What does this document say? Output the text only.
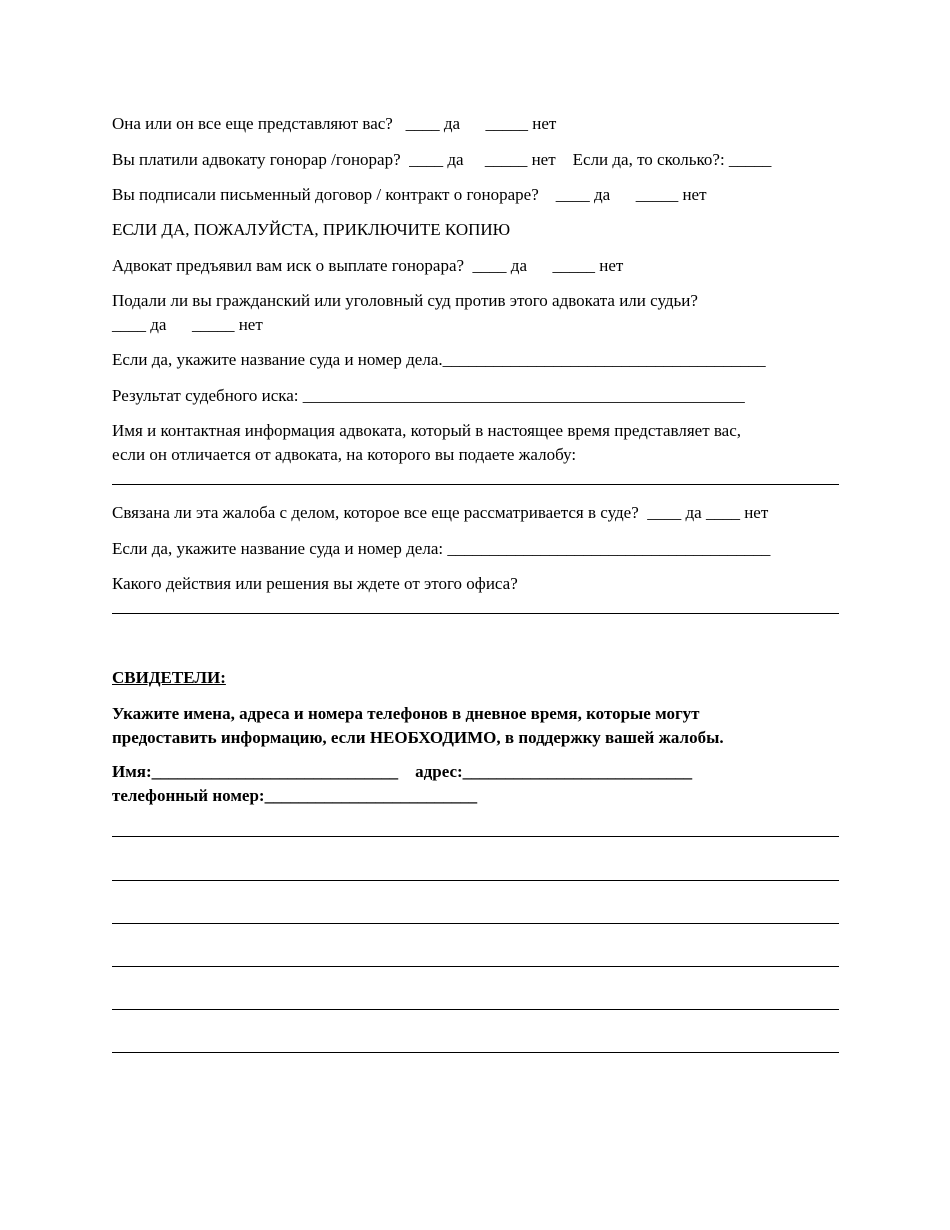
Она или он все еще представляют вас?   ____ да      _____ нет
Вы платили адвокату гонорар /гонорар?  ____ да     _____ нет    Если да, то сколько?: _____
Вы подписали письменный договор / контракт о гонораре?    ____ да      _____ нет
ЕСЛИ ДА, ПОЖАЛУЙСТА, ПРИКЛЮЧИТЕ КОПИЮ
Адвокат предъявил вам иск о выплате гонорара?  ____ да      _____ нет
Подали ли вы гражданский или уголовный суд против этого адвоката или судьи?
____ да      _____ нет
Если да, укажите название суда и номер дела.______________________________________
Результат судебного иска: ____________________________________________________
Имя и контактная информация адвоката, который в настоящее время представляет вас,
если он отличается от адвоката, на которого вы подаете жалобу:
Связана ли эта жалоба с делом, которое все еще рассматривается в суде?  ____ да ____ нет
Если да, укажите название суда и номер дела: ______________________________________
Какого действия или решения вы ждете от этого офиса?
СВИДЕТЕЛИ:
Укажите имена, адреса и номера телефонов в дневное время, которые могут
предоставить информацию, если НЕОБХОДИМО, в поддержку вашей жалобы.
Имя:_____________________________    адрес:___________________________
телефонный номер:_________________________
